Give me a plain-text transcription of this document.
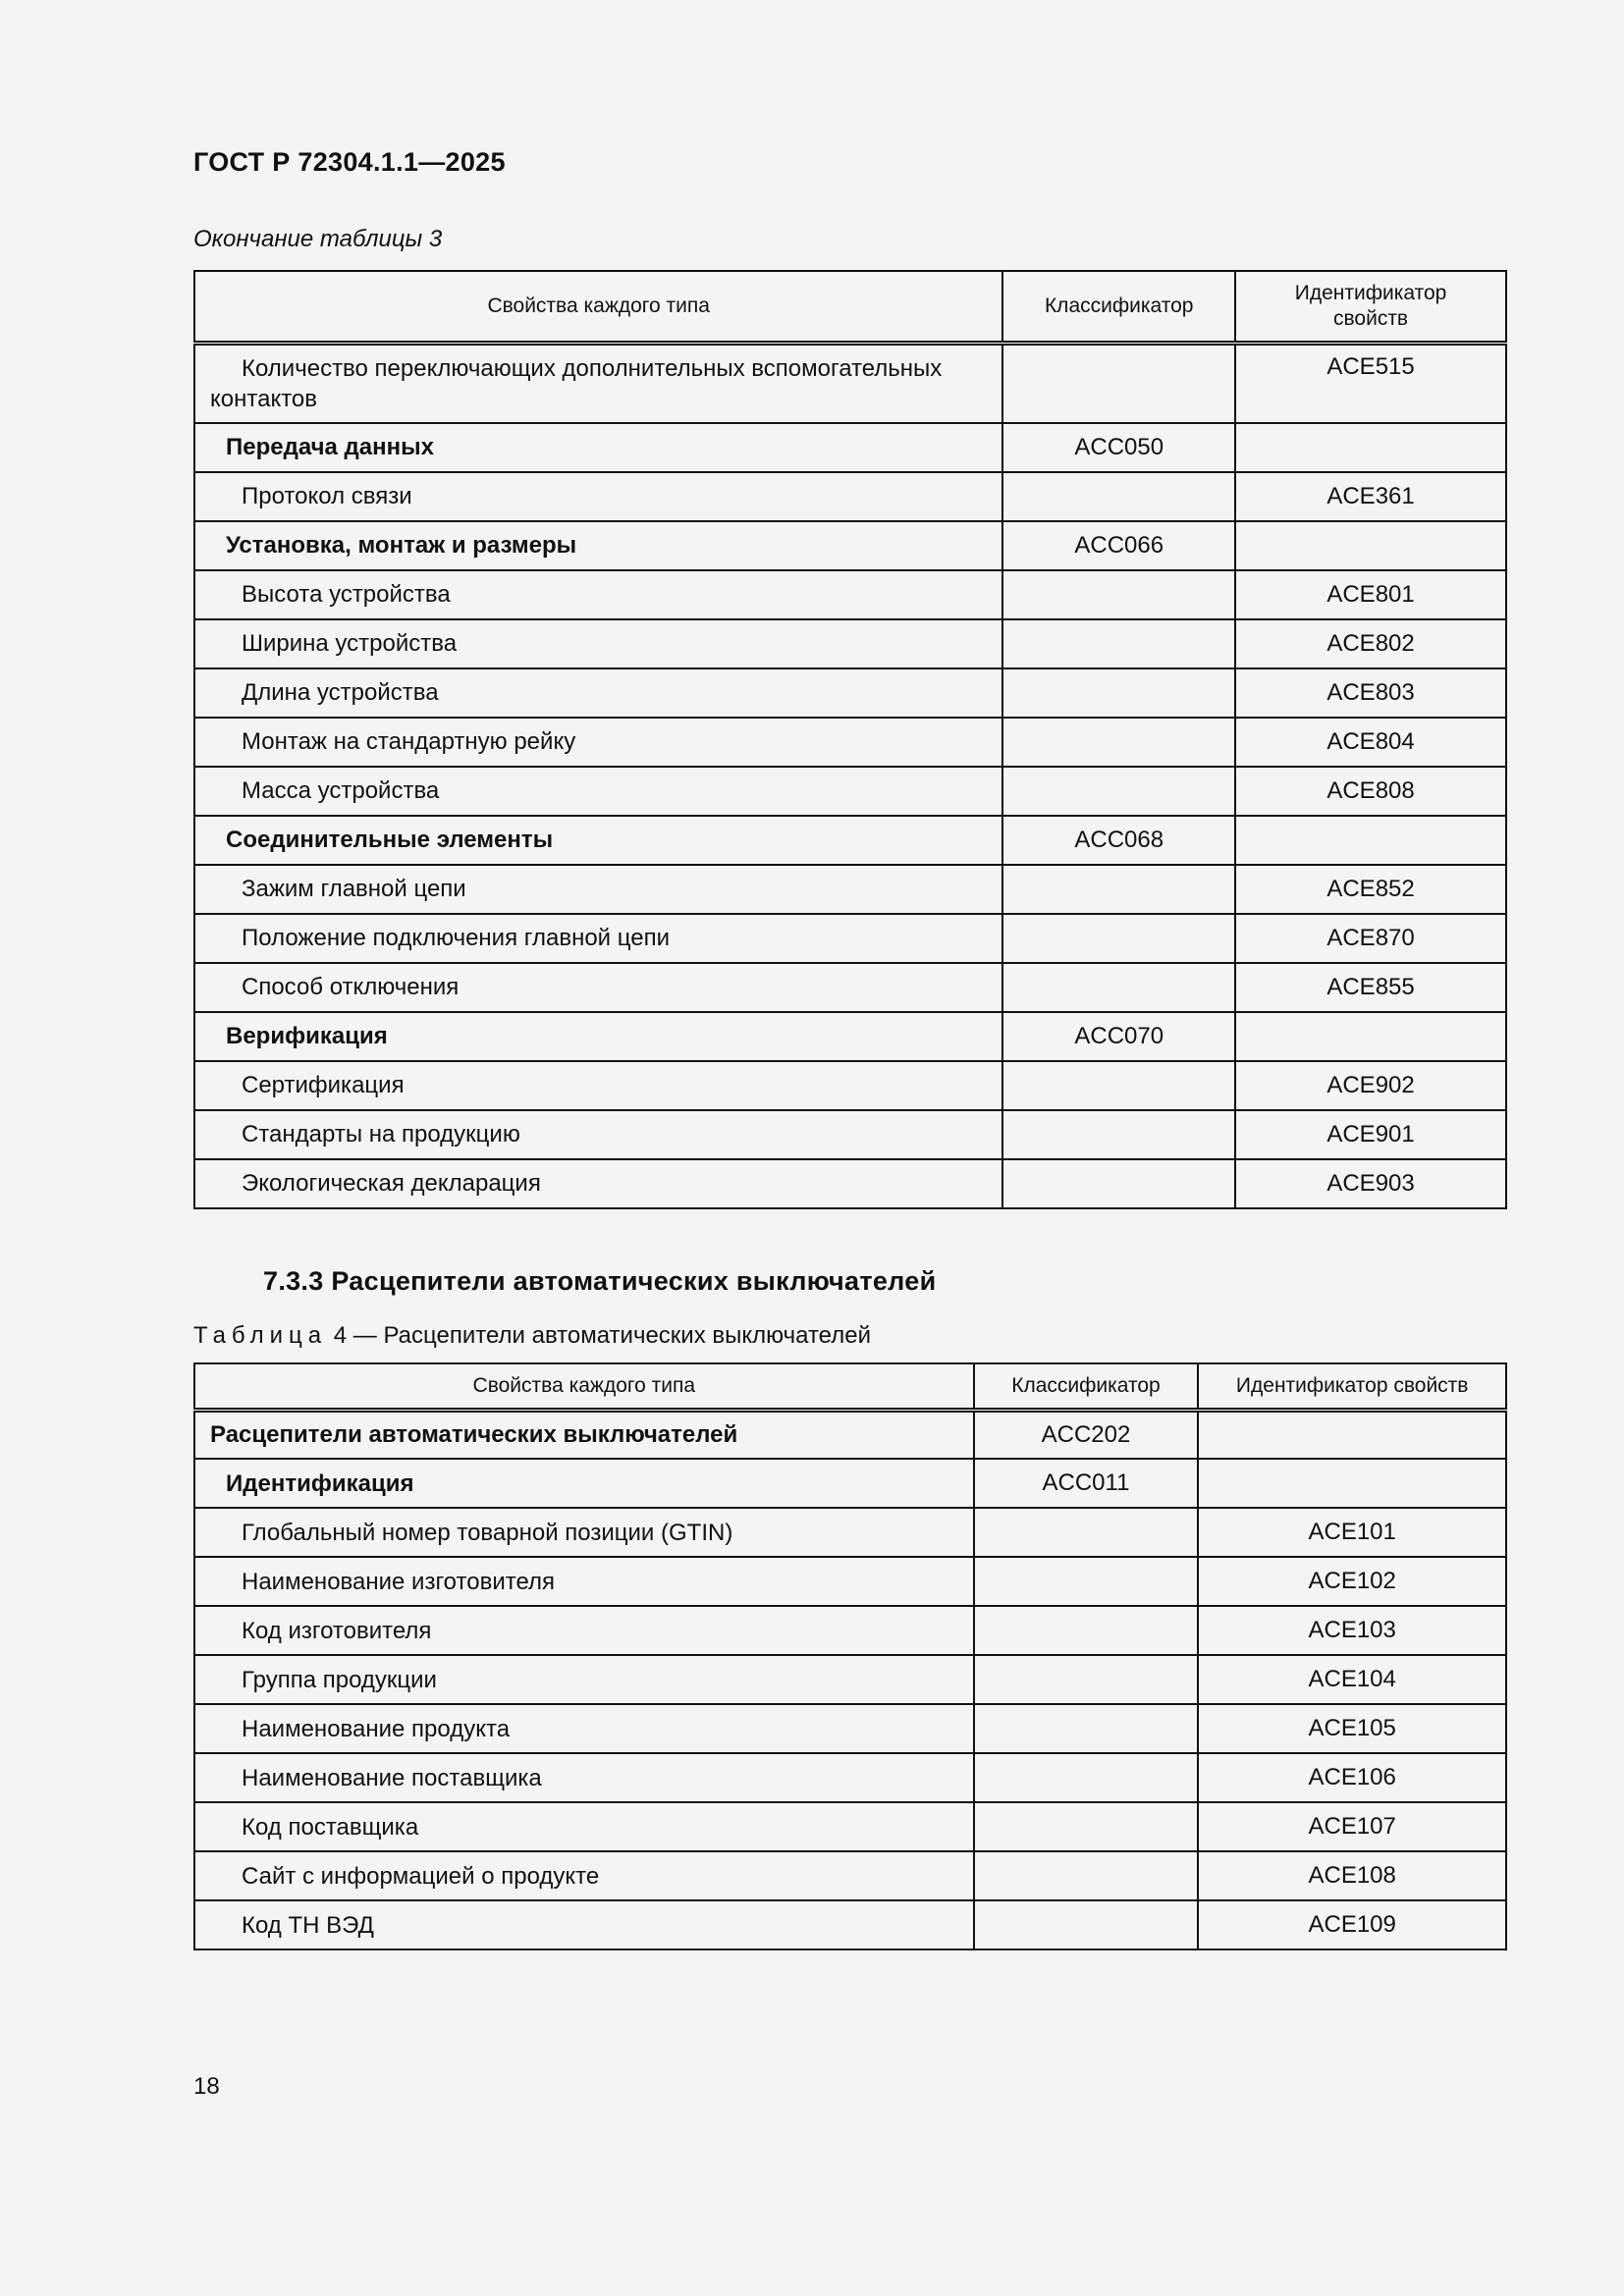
ГОСТ Р 72304.1.1—2025
Окончание таблицы 3
Свойства каждого типа	Классификатор	Идентификатор свойств
Количество переключающих дополнительных вспомогательных контактов		ACE515
Передача данных	ACC050	
Протокол связи		ACE361
Установка, монтаж и размеры	ACC066	
Высота устройства		ACE801
Ширина устройства		ACE802
Длина устройства		ACE803
Монтаж на стандартную рейку		ACE804
Масса устройства		ACE808
Соединительные элементы	ACC068	
Зажим главной цепи		ACE852
Положение подключения главной цепи		ACE870
Способ отключения		ACE855
Верификация	ACC070	
Сертификация		ACE902
Стандарты на продукцию		ACE901
Экологическая декларация		ACE903
7.3.3 Расцепители автоматических выключателей
Таблица 4 — Расцепители автоматических выключателей
Свойства каждого типа	Классификатор	Идентификатор свойств
Расцепители автоматических выключателей	ACC202	
Идентификация	ACC011	
Глобальный номер товарной позиции (GTIN)		ACE101
Наименование изготовителя		ACE102
Код изготовителя		ACE103
Группа продукции		ACE104
Наименование продукта		ACE105
Наименование поставщика		ACE106
Код поставщика		ACE107
Сайт с информацией о продукте		ACE108
Код ТН ВЭД		ACE109
18
